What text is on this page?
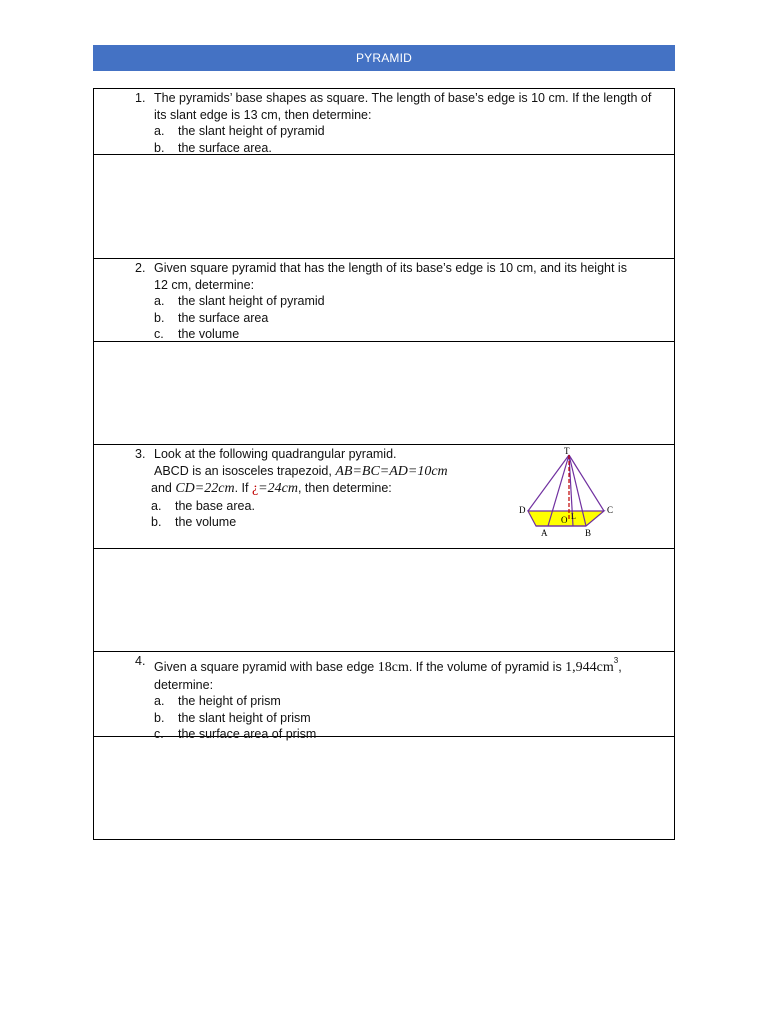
PYRAMID
1. The pyramids’ base shapes as square. The length of base’s edge is 10 cm. If the length of
its slant edge is 13 cm, then determine:
a.	the slant height of pyramid
b.	the surface area.
2. Given square pyramid that has the length of its base’s edge is 10 cm, and its height is
12 cm, determine:
a.	the slant height of pyramid
b.	the surface area
c.	the volume
3. Look at the following quadrangular pyramid.
ABCD is an isosceles trapezoid, AB=BC=AD=10cm
and CD=22cm. If ¿=24cm, then determine:
a.	the base area.
b.	the volume
T
D	C
A	B
O L
4. Given a square pyramid with base edge 18cm. If the volume of pyramid is $1,944cm^3$,
determine:
a.	the height of prism
b.	the slant height of prism
c.	the surface area of prism
